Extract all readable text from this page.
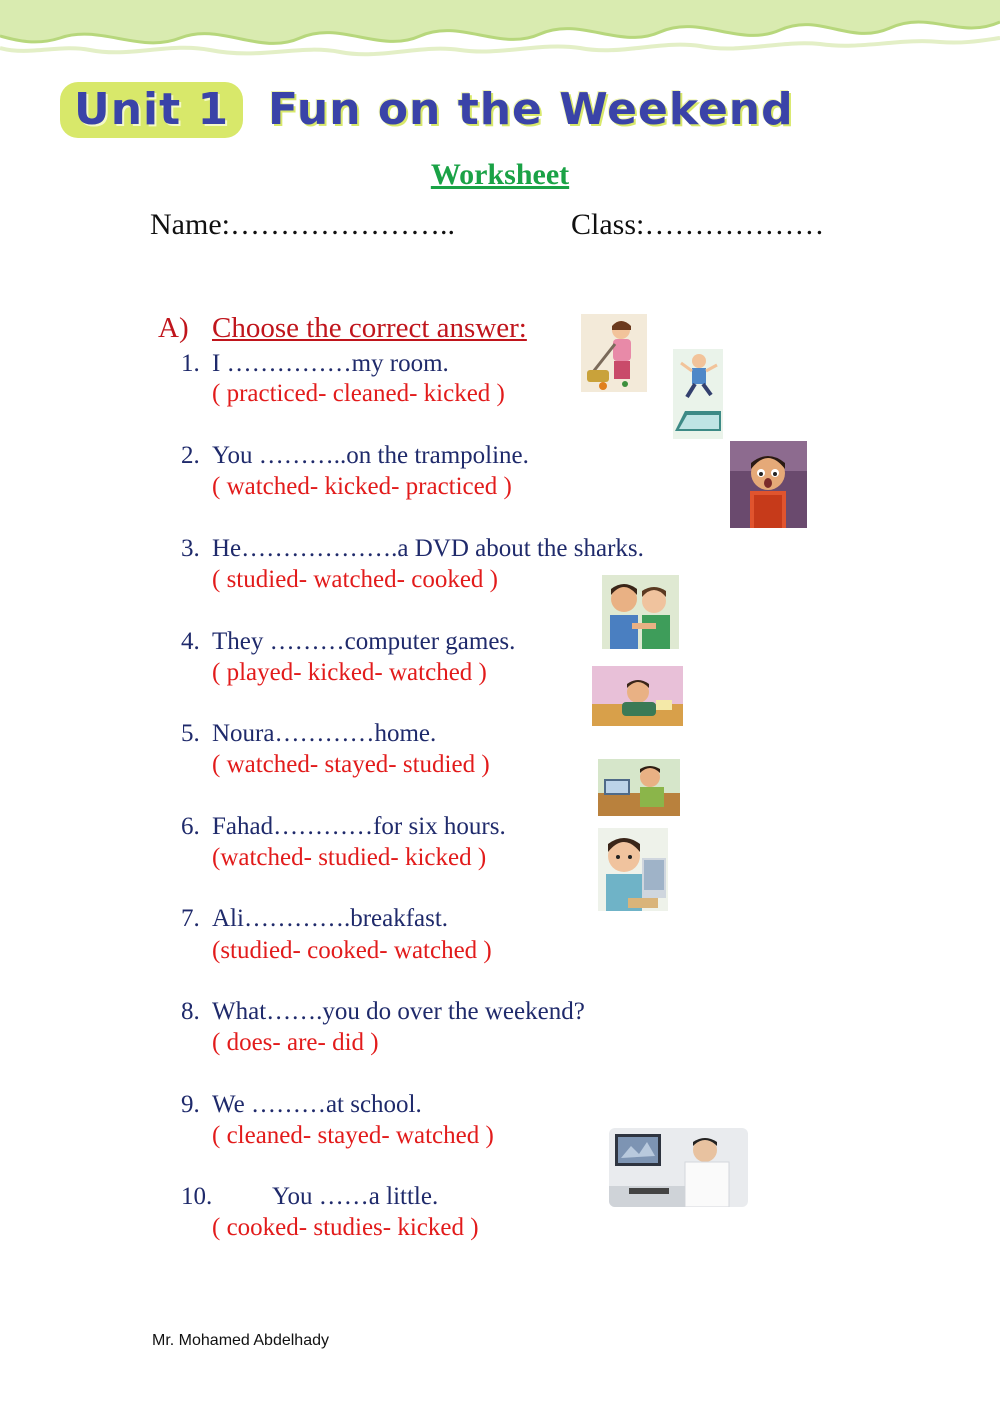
Unit 1 Fun on the Weekend
Worksheet
Name:…………………..	Class:………………
A) Choose the correct answer:
1. I ……………my room.
( practiced- cleaned- kicked )
2. You ………..on the trampoline.
( watched- kicked- practiced )
3. He……………….a DVD about the sharks.
( studied- watched- cooked )
4. They ………computer games.
( played- kicked- watched )
5. Noura…………home.
( watched- stayed- studied )
6. Fahad…………for six hours.
(watched- studied- kicked )
7. Ali………….breakfast.
(studied- cooked- watched )
8. What…….you do over the weekend?
( does- are- did )
9. We ………at school.
( cleaned- stayed- watched )
10. You ……a little.
( cooked- studies- kicked )
Mr. Mohamed Abdelhady
